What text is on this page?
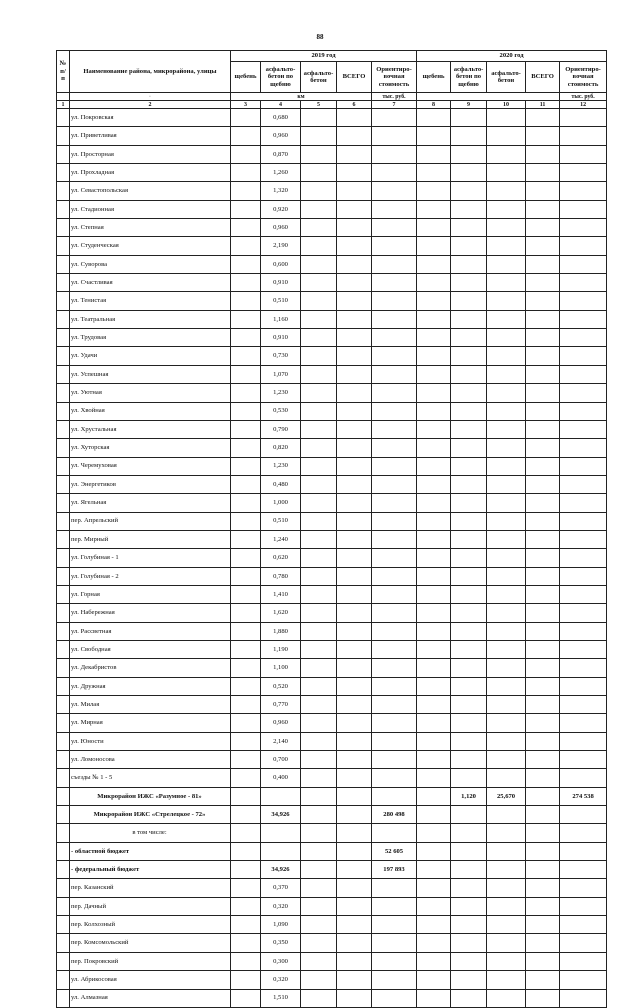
88
№ п/п	Наименование района, микрорайона, улицы	2019 год					2020 год				
		щебень	асфальто-бетон по щебню	асфальто-бетон	ВСЕГО	Ориентиро-вочная стоимость	щебень	асфальто-бетон по щебню	асфальто-бетон	ВСЕГО	Ориентиро-вочная стоимость
	·	км				тыс. руб.					тыс. руб.
1	2	3	4	5	6	7	8	9	10	11	12
	ул. Покровская		0,680								
	ул. Приветливая		0,960								
	ул. Просторная		0,870								
	ул. Прохладная		1,260								
	ул. Севастопольская		1,320								
	ул. Стадионная		0,920								
	ул. Степная		0,960								
	ул. Студенческая		2,190								
	ул. Суворова		0,600								
	ул. Счастливая		0,910								
	ул. Тенистая		0,510								
	ул. Театральная		1,160								
	ул. Трудовая		0,910								
	ул. Удачи		0,730								
	ул. Успешная		1,070								
	ул. Уютная		1,230								
	ул. Хвойная		0,530								
	ул. Хрустальная		0,790								
	ул. Хуторская		0,820								
	ул. Черемуховая		1,230								
	ул. Энергетиков		0,480								
	ул. Ягельная		1,000								
	пер. Апрельский		0,510								
	пер. Мирный		1,240								
	ул. Голубиная - 1		0,620								
	ул. Голубиная - 2		0,780								
	ул. Горная		1,410								
	ул. Набережная		1,620								
	ул. Рассветная		1,880								
	ул. Свободная		1,190								
	ул. Декабристов		1,100								
	ул. Дружная		0,520								
	ул. Милая		0,770								
	ул. Мирная		0,960								
	ул. Юности		2,140								
	ул. Ломоносова		0,700								
	съезды № 1 - 5		0,400								
	Микрорайон ИЖС «Разумное - 81»							1,120	25,670		274 538
	Микрорайон ИЖС «Стрелецкое - 72»		34,926			280 498					
	в том числе:										
	- областной бюджет					52 605					
	- федеральный бюджет		34,926			197 893					
	пер. Казанский		0,370								
	пер. Дачный		0,320								
	пер. Колхозный		1,090								
	пер. Комсомольский		0,350								
	пер. Покровский		0,300								
	ул. Абрикосовая		0,320								
	ул. Алмазная		1,510								
